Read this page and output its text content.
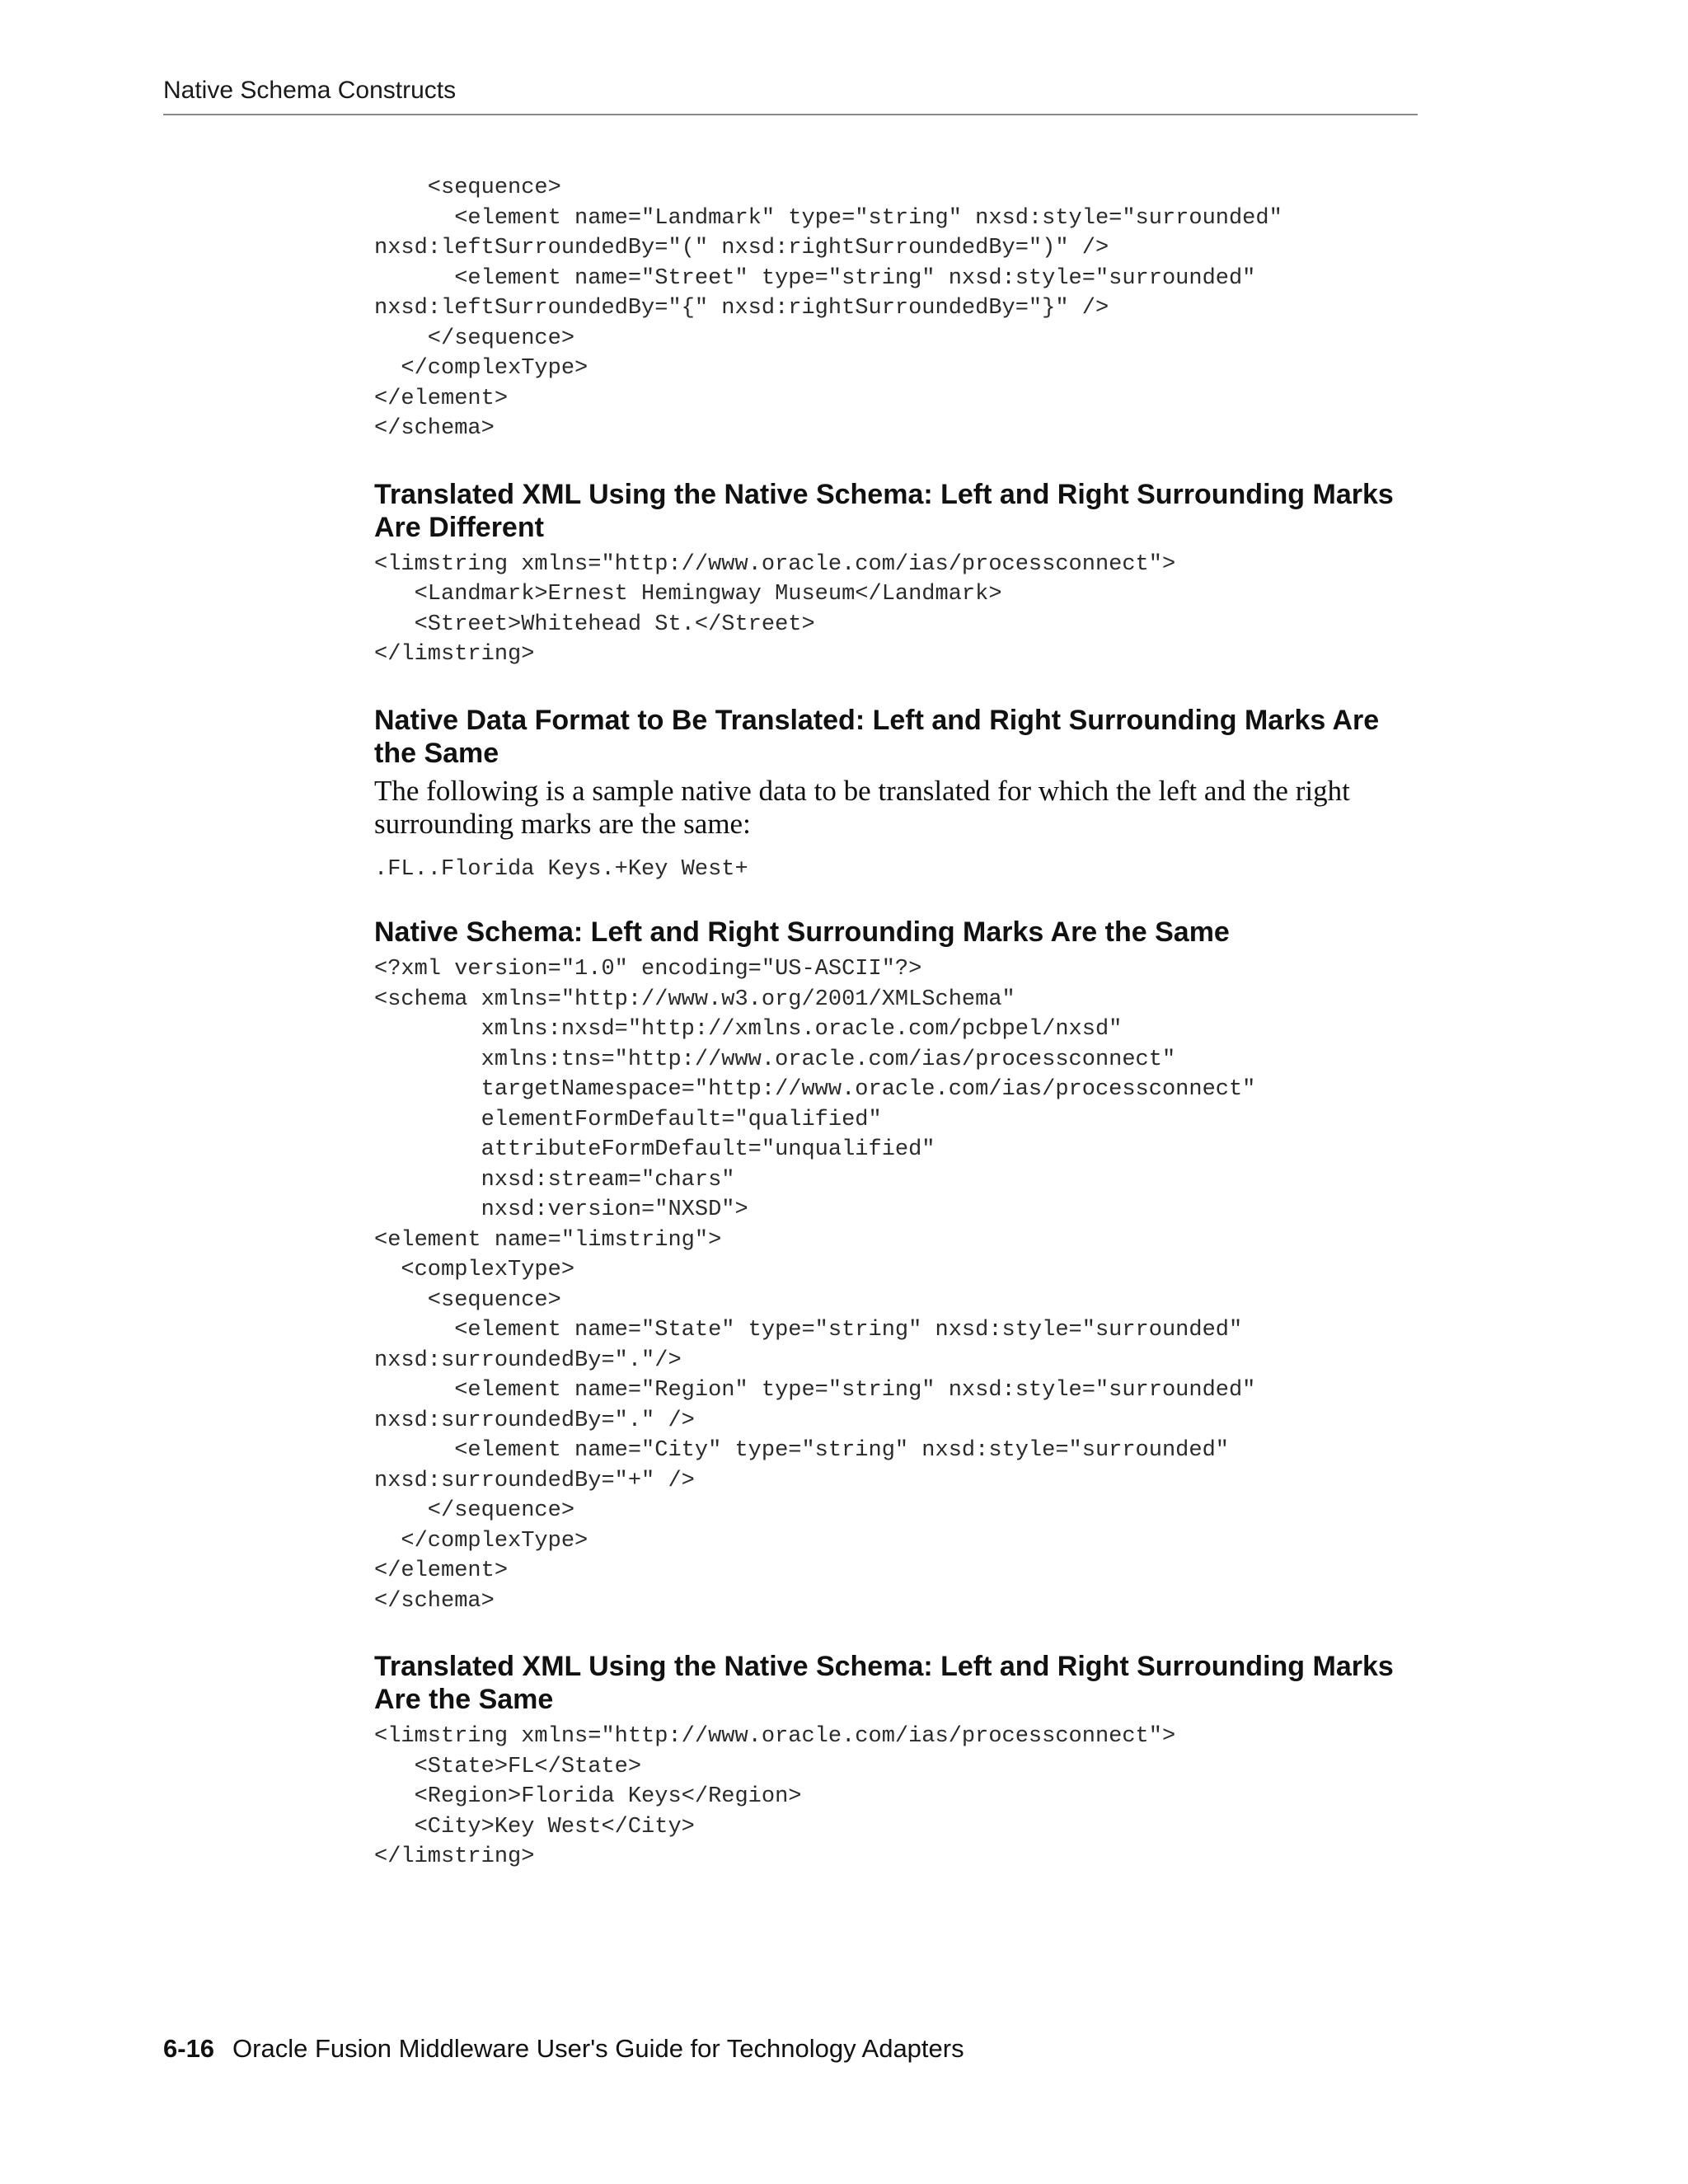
Native Schema Constructs
<sequence>
<element name="Landmark" type="string" nxsd:style="surrounded"
nxsd:leftSurroundedBy="(" nxsd:rightSurroundedBy=")" />
<element name="Street" type="string" nxsd:style="surrounded"
nxsd:leftSurroundedBy="{" nxsd:rightSurroundedBy="}" />
</sequence>
</complexType>
</element>
</schema>
Translated XML Using the Native Schema: Left and Right Surrounding Marks Are Different
<limstring xmlns="http://www.oracle.com/ias/processconnect">
<Landmark>Ernest Hemingway Museum</Landmark>
<Street>Whitehead St.</Street>
</limstring>
Native Data Format to Be Translated: Left and Right Surrounding Marks Are the Same

The following is a sample native data to be translated for which the left and the right surrounding marks are the same:

.FL..Florida Keys.+Key West+
Native Schema: Left and Right Surrounding Marks Are the Same
<?xml version="1.0" encoding="US-ASCII"?>
<schema xmlns="http://www.w3.org/2001/XMLSchema"
xmlns:nxsd="http://xmlns.oracle.com/pcbpel/nxsd"
xmlns:tns="http://www.oracle.com/ias/processconnect"
targetNamespace="http://www.oracle.com/ias/processconnect"
elementFormDefault="qualified"
attributeFormDefault="unqualified"
nxsd:stream="chars"
nxsd:version="NXSD">
<element name="limstring">
<complexType>
<sequence>
<element name="State" type="string" nxsd:style="surrounded"
nxsd:surroundedBy="."/>
<element name="Region" type="string" nxsd:style="surrounded"
nxsd:surroundedBy="." />
<element name="City" type="string" nxsd:style="surrounded"
nxsd:surroundedBy="+" />
</sequence>
</complexType>
</element>
</schema>
Translated XML Using the Native Schema: Left and Right Surrounding Marks Are the Same
<limstring xmlns="http://www.oracle.com/ias/processconnect">
<State>FL</State>
<Region>Florida Keys</Region>
<City>Key West</City>
</limstring>
6-16 Oracle Fusion Middleware User's Guide for Technology Adapters
